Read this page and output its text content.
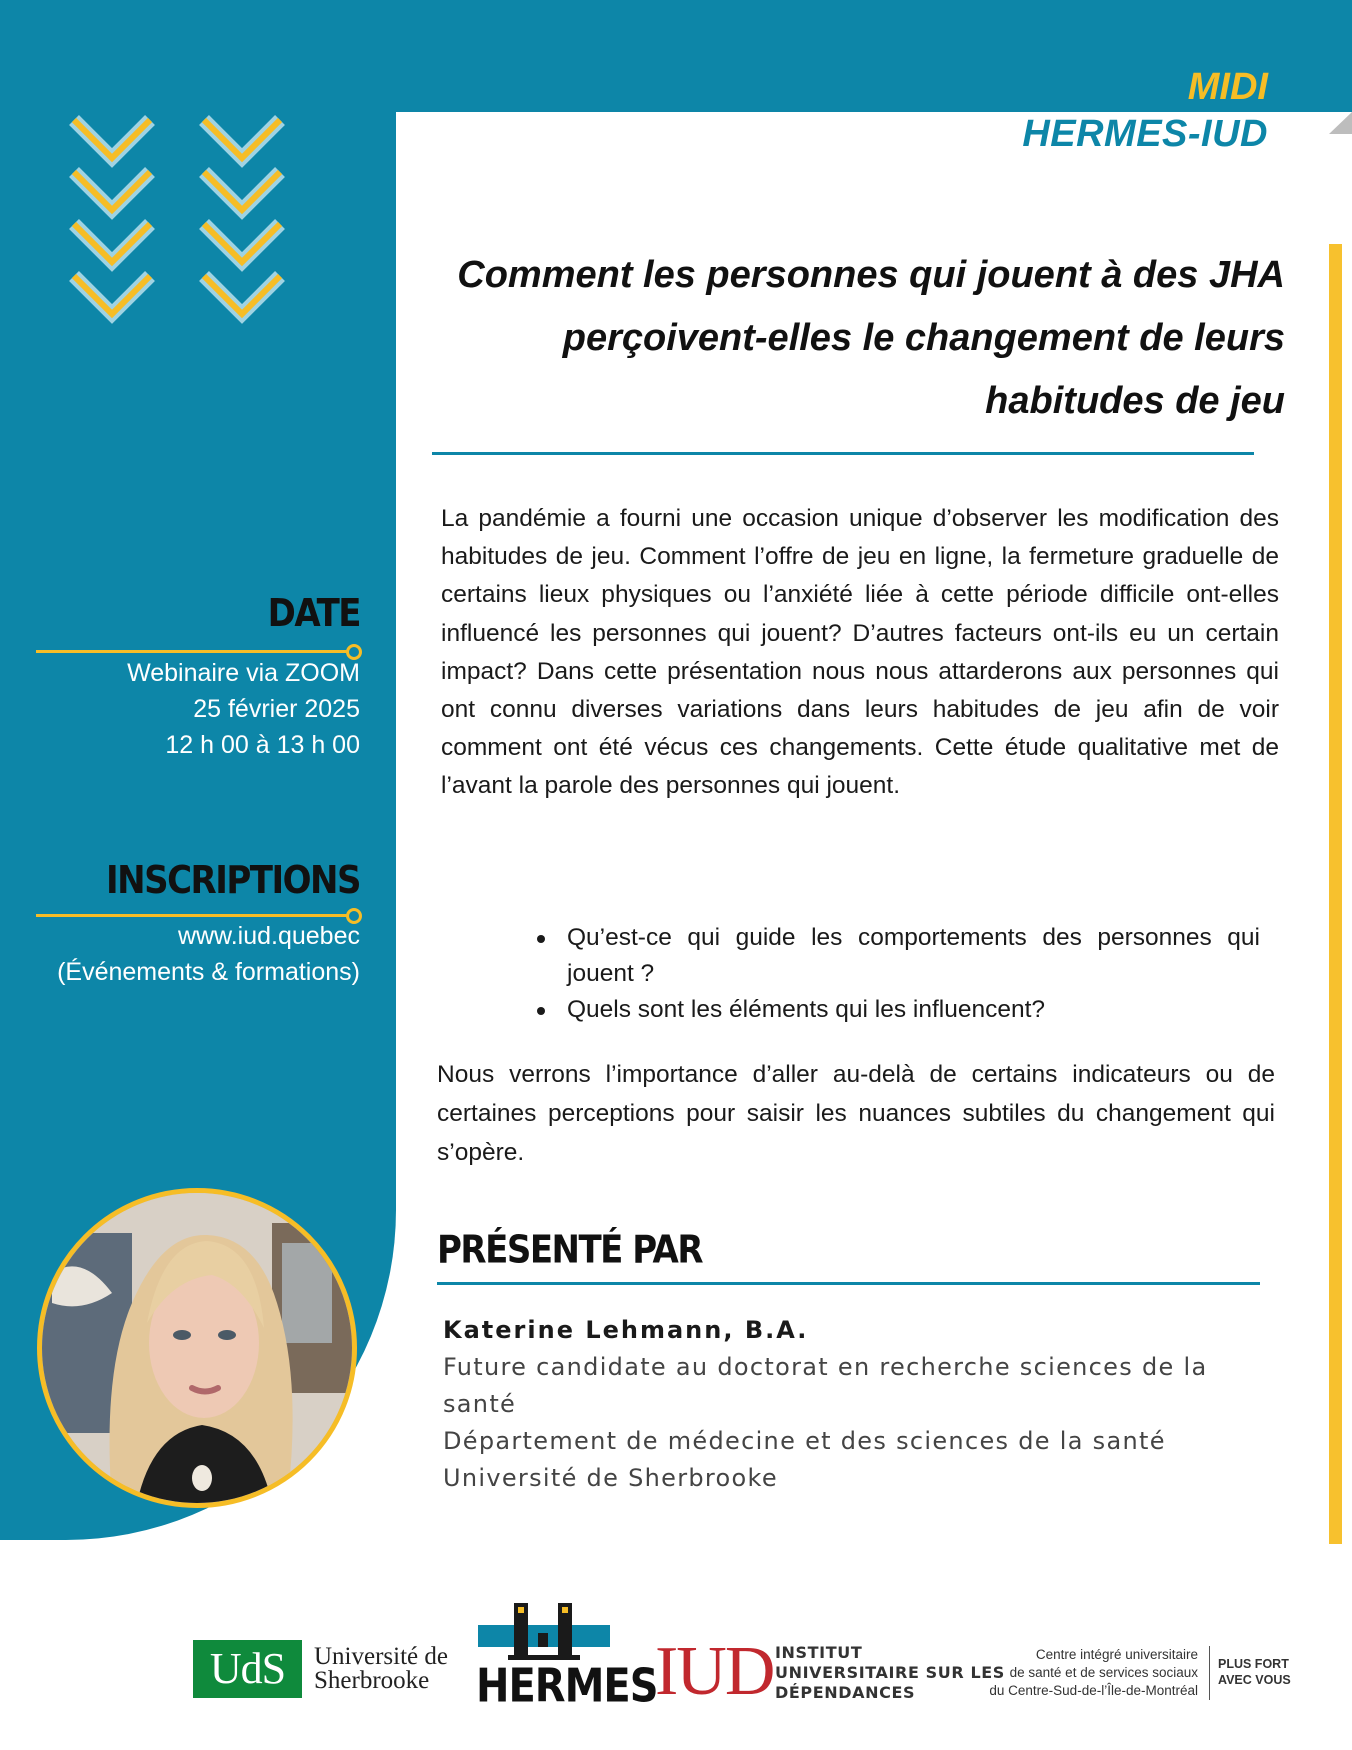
MIDI
HERMES-IUD
Comment les personnes qui jouent à des JHA perçoivent-elles le changement de leurs habitudes de jeu
La pandémie a fourni une occasion unique d’observer les modification des habitudes de jeu. Comment l’offre de jeu en ligne, la fermeture graduelle de certains lieux physiques ou l’anxiété liée à cette période difficile ont-elles influencé les personnes qui jouent? D’autres facteurs ont-ils eu un certain impact? Dans cette présentation nous nous attarderons aux personnes qui ont connu diverses variations dans leurs habitudes de jeu afin de voir comment ont été vécus ces changements. Cette étude qualitative met de l’avant la parole des personnes qui jouent.
Qu’est-ce qui guide les comportements des personnes qui jouent ?
Quels sont les éléments qui les influencent?
Nous verrons l’importance d’aller au-delà de certains indicateurs ou de certaines perceptions pour saisir les nuances subtiles du changement qui s’opère.
DATE
Webinaire via ZOOM
25 février 2025
12 h 00 à 13 h 00
INSCRIPTIONS
www.iud.quebec
(Événements & formations)
PRÉSENTÉ PAR
Katerine Lehmann, B.A.
Future candidate au doctorat en recherche sciences de la santé
Département de médecine et des sciences de la santé
Université de Sherbrooke
UdS	Université de
Sherbrooke	HERMES
IUD INSTITUT
UNIVERSITAIRE SUR LES
DÉPENDANCES
Centre intégré universitaire
de santé et de services sociaux
du Centre-Sud-de-l’Île-de-Montréal
PLUS FORT
AVEC VOUS
